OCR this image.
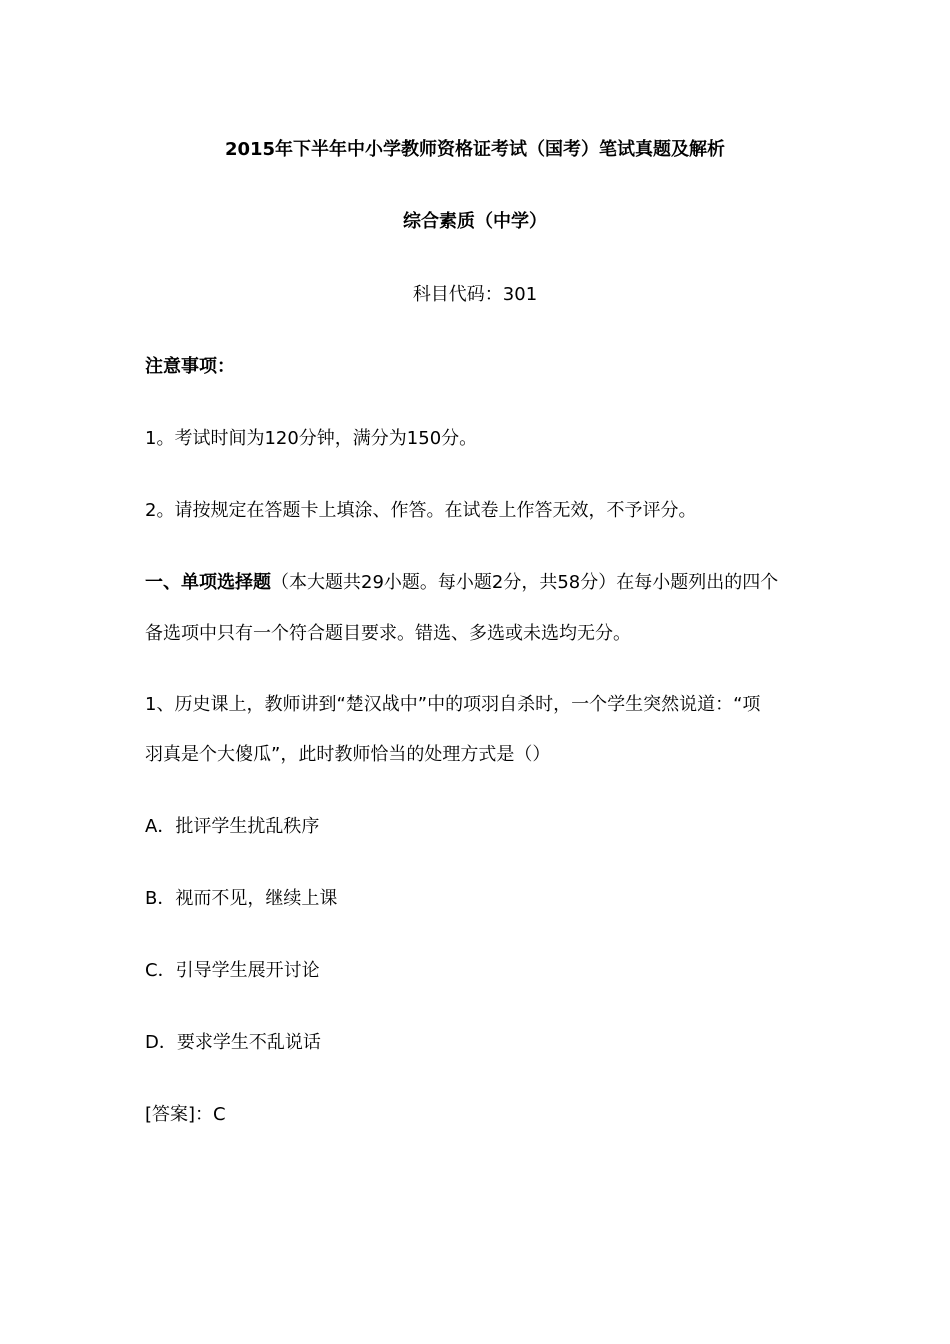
2015年下半年中小学教师资格证考试（国考）笔试真题及解析
综合素质（中学）
科目代码：301
注意事项：
1。考试时间为120分钟，满分为150分。
2。请按规定在答题卡上填涂、作答。在试卷上作答无效，不予评分。
一、单项选择题（本大题共29小题。每小题2分，共58分）在每小题列出的四个
备选项中只有一个符合题目要求。错选、多选或未选均无分。
1、历史课上，教师讲到“楚汉战中”中的项羽自杀时，一个学生突然说道：“项
羽真是个大傻瓜”，此时教师恰当的处理方式是（）
A．批评学生扰乱秩序
B．视而不见，继续上课
C．引导学生展开讨论
D．要求学生不乱说话
[答案]：C
